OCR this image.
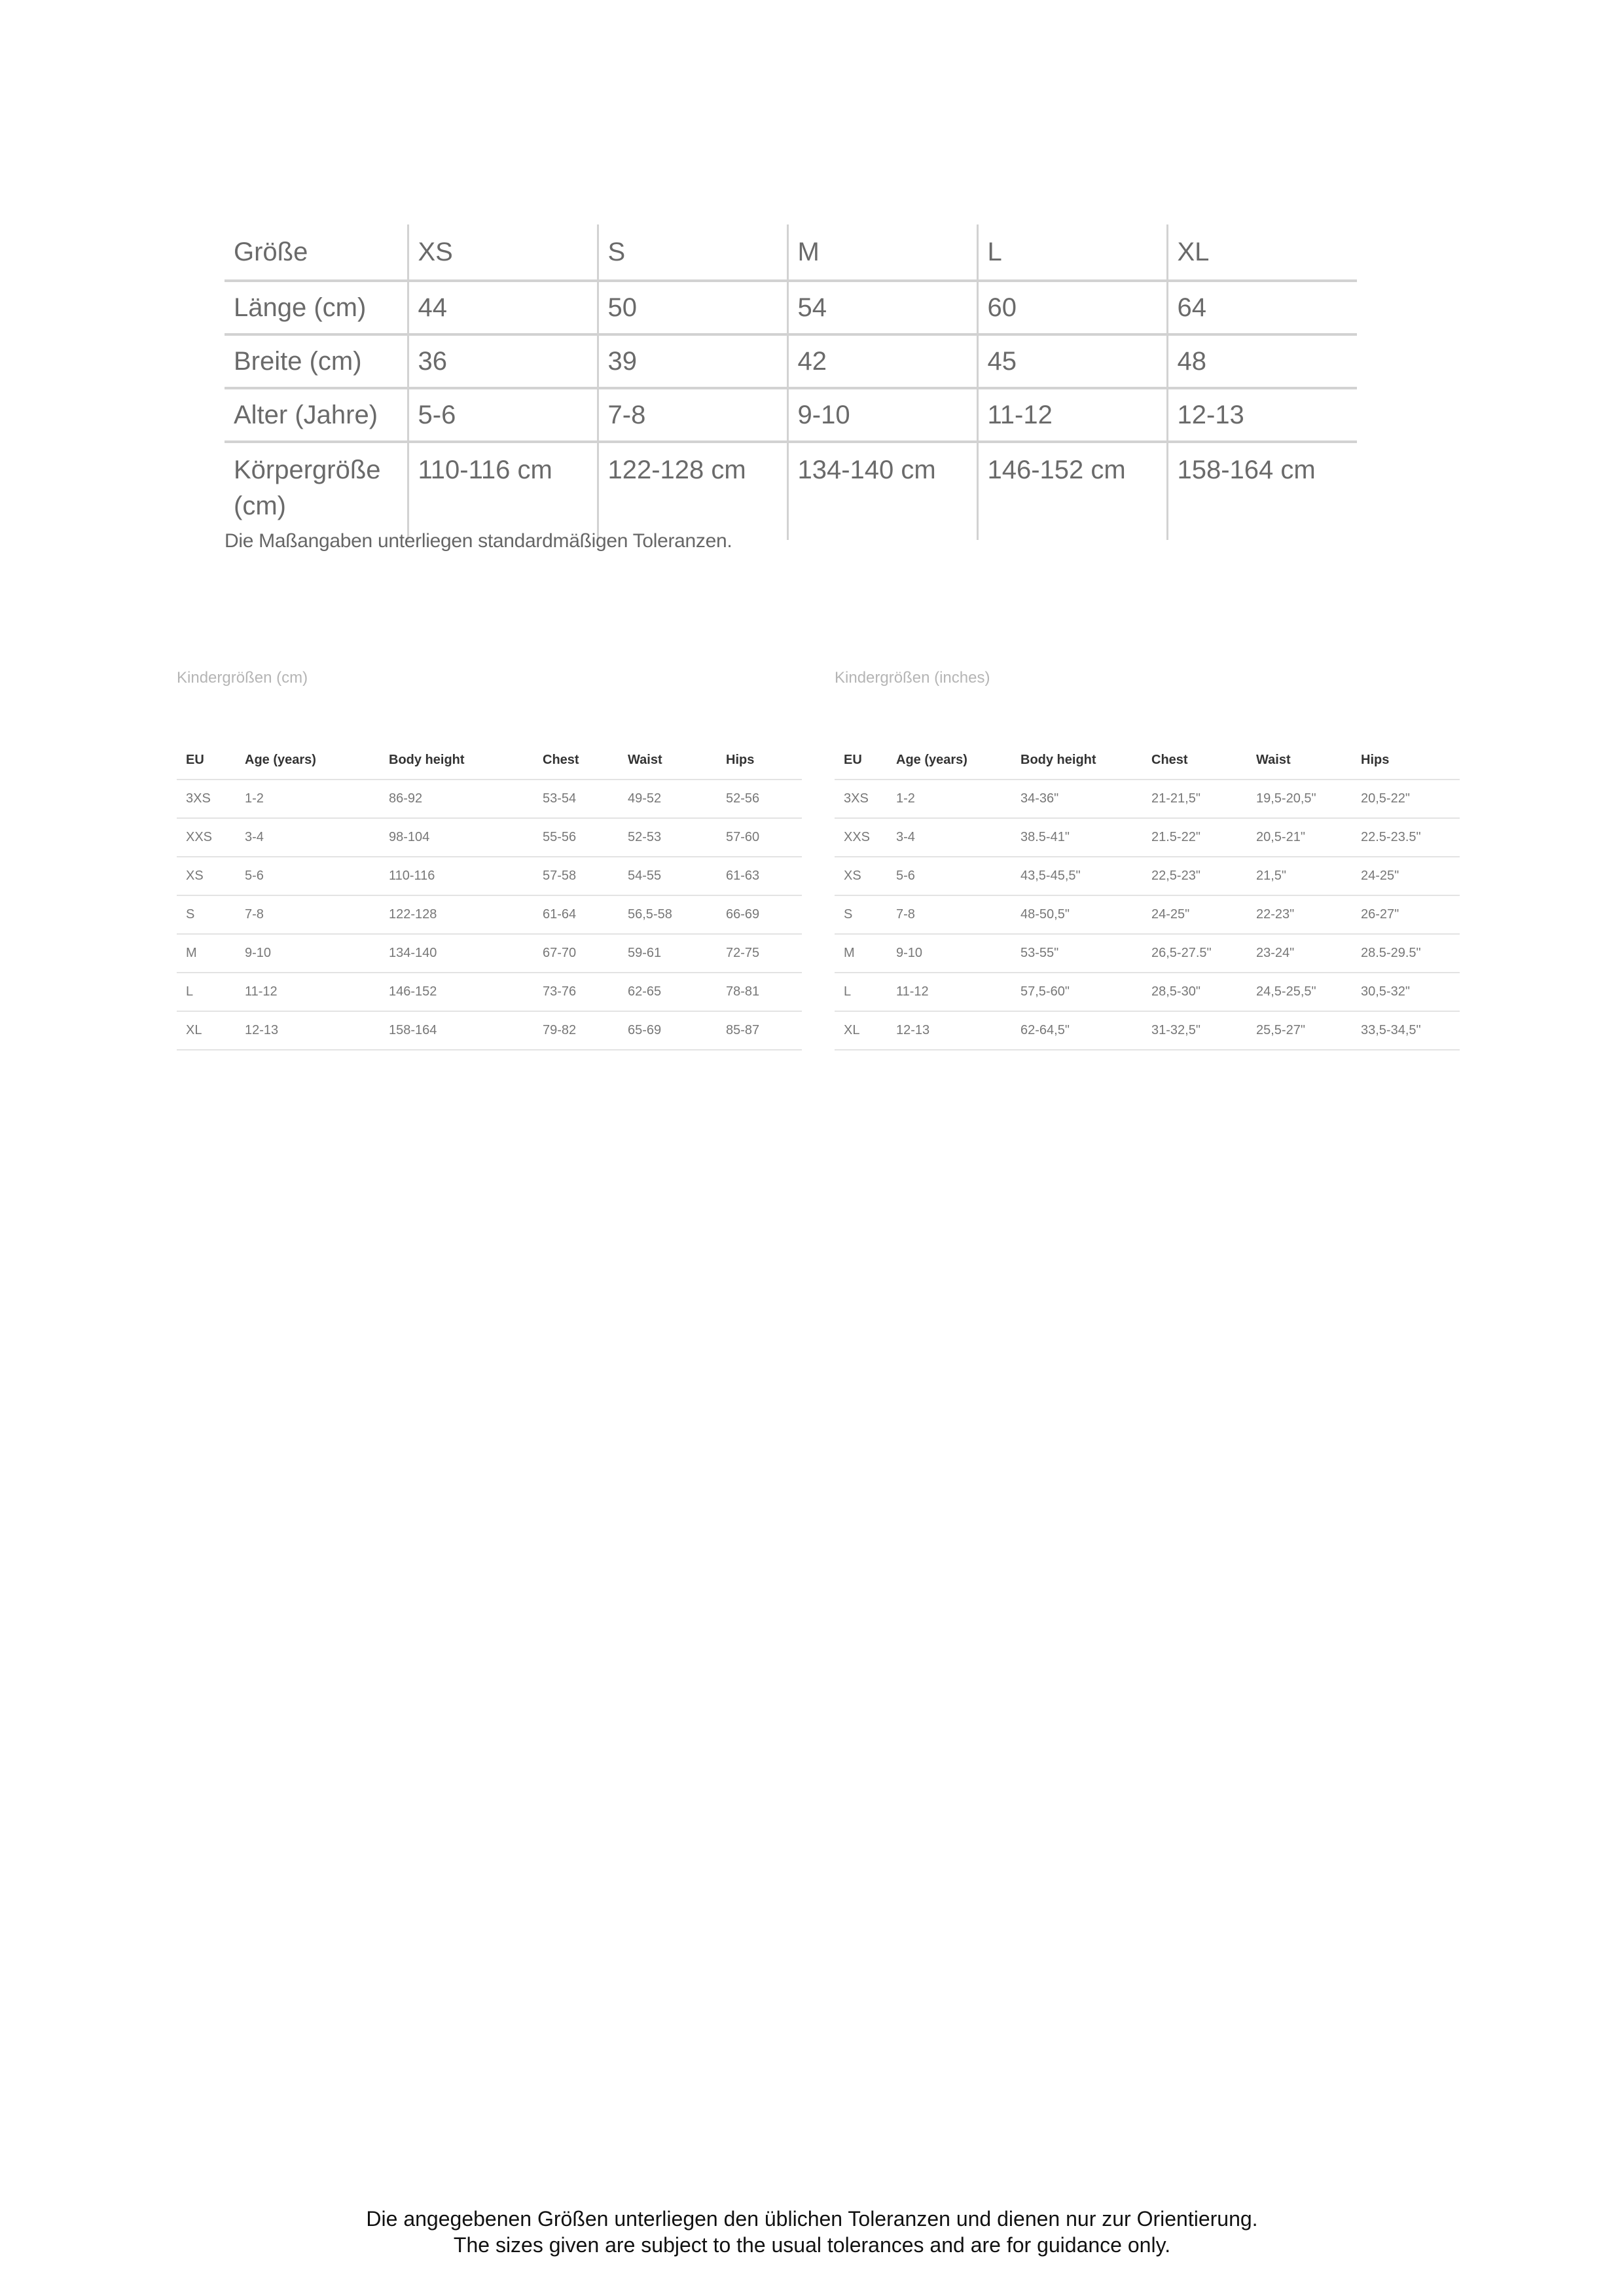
Größe	XS	S	M	L	XL
Länge (cm)	44	50	54	60	64
Breite (cm)	36	39	42	45	48
Alter (Jahre)	5-6	7-8	9-10	11-12	12-13
Körpergröße (cm)	110-116 cm	122-128 cm	134-140 cm	146-152 cm	158-164 cm
Die Maßangaben unterliegen standardmäßigen Toleranzen.
Kindergrößen (cm)
EU	Age (years)	Body height	Chest	Waist	Hips
3XS	1-2	86-92	53-54	49-52	52-56
XXS	3-4	98-104	55-56	52-53	57-60
XS	5-6	110-116	57-58	54-55	61-63
S	7-8	122-128	61-64	56,5-58	66-69
M	9-10	134-140	67-70	59-61	72-75
L	11-12	146-152	73-76	62-65	78-81
XL	12-13	158-164	79-82	65-69	85-87
Kindergrößen (inches)
EU	Age (years)	Body height	Chest	Waist	Hips
3XS	1-2	34-36"	21-21,5"	19,5-20,5"	20,5-22"
XXS	3-4	38.5-41"	21.5-22"	20,5-21"	22.5-23.5"
XS	5-6	43,5-45,5"	22,5-23"	21,5"	24-25"
S	7-8	48-50,5"	24-25"	22-23"	26-27"
M	9-10	53-55"	26,5-27.5"	23-24"	28.5-29.5"
L	11-12	57,5-60"	28,5-30"	24,5-25,5"	30,5-32"
XL	12-13	62-64,5"	31-32,5"	25,5-27"	33,5-34,5"
Die angegebenen Größen unterliegen den üblichen Toleranzen und dienen nur zur Orientierung.
The sizes given are subject to the usual tolerances and are for guidance only.
